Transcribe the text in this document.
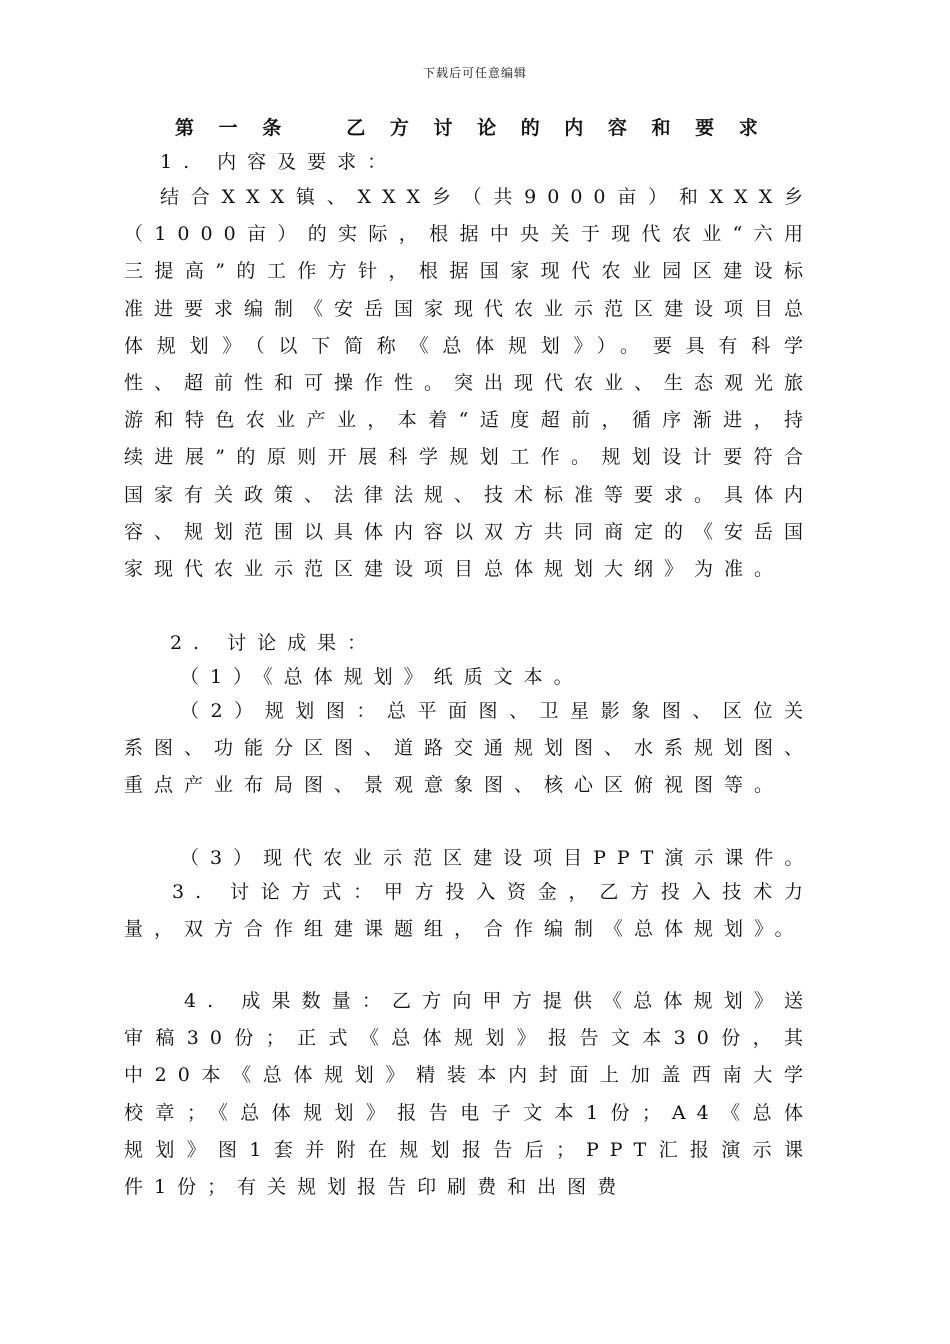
下载后可任意编辑
第 一 条　　乙 方 讨 论 的 内 容 和 要 求
1. 内容及要求：
结合XXX镇、XXX乡（共9000亩）和XXX乡（1000亩）的实际，根据中央关于现代农业“六用三提高”的工作方针，根据国家现代农业园区建设标准进要求编制《安岳国家现代农业示范区建设项目总体规划》（以下简称《总体规划》）。要具有科学性、超前性和可操作性。突出现代农业、生态观光旅游和特色农业产业，本着“适度超前，循序渐进，持续进展”的原则开展科学规划工作。规划设计要符合国家有关政策、法律法规、技术标准等要求。具体内容、规划范围以具体内容以双方共同商定的《安岳国家现代农业示范区建设项目总体规划大纲》为准。
2. 讨论成果：
（1）《总体规划》纸质文本。
（2）规划图：总平面图、卫星影象图、区位关系图、功能分区图、道路交通规划图、水系规划图、重点产业布局图、景观意象图、核心区俯视图等。
（3）现代农业示范区建设项目PPT演示课件。
3. 讨论方式：甲方投入资金，乙方投入技术力量，双方合作组建课题组，合作编制《总体规划》。
4. 成果数量：乙方向甲方提供《总体规划》送审稿30份；正式《总体规划》报告文本30份，其中20本《总体规划》精装本内封面上加盖西南大学校章；《总体规划》报告电子文本1份；A4《总体规划》图1套并附在规划报告后；PPT汇报演示课件1份；有关规划报告印刷费和出图费
